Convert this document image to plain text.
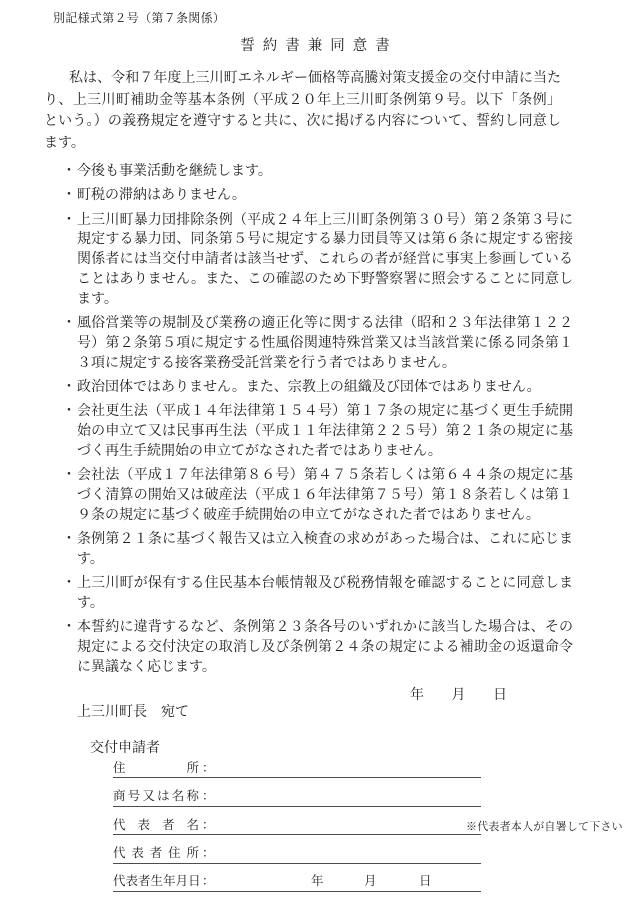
別記様式第２号（第７条関係）
誓約書兼同意書

私は、令和７年度上三川町エネルギー価格等高騰対策支援金の交付申請に当たり、上三川町補助金等基本条例（平成２０年上三川町条例第９号。以下「条例」という。）の義務規定を遵守すると共に、次に掲げる内容について、誓約し同意します。

・ 今後も事業活動を継続します。
・ 町税の滞納はありません。
・ 上三川町暴力団排除条例（平成２４年上三川町条例第３０号）第２条第３号に規定する暴力団、同条第５号に規定する暴力団員等又は第６条に規定する密接関係者には当交付申請者は該当せず、これらの者が経営に事実上参画していることはありません。また、この確認のため下野警察署に照会することに同意します。
・ 風俗営業等の規制及び業務の適正化等に関する法律（昭和２３年法律第１２２号）第２条第５項に規定する性風俗関連特殊営業又は当該営業に係る同条第１３項に規定する接客業務受託営業を行う者ではありません。
・ 政治団体ではありません。また、宗教上の組織及び団体ではありません。
・ 会社更生法（平成１４年法律第１５４号）第１７条の規定に基づく更生手続開始の申立て又は民事再生法（平成１１年法律第２２５号）第２１条の規定に基づく再生手続開始の申立てがなされた者ではありません。
・ 会社法（平成１７年法律第８６号）第４７５条若しくは第６４４条の規定に基づく清算の開始又は破産法（平成１６年法律第７５号）第１８条若しくは第１９条の規定に基づく破産手続開始の申立てがなされた者ではありません。
・ 条例第２１条に基づく報告又は立入検査の求めがあった場合は、これに応じます。
・ 上三川町が保有する住民基本台帳情報及び税務情報を確認することに同意します。
・ 本誓約に違背するなど、条例第２３条各号のいずれかに該当した場合は、その規定による交付決定の取消し及び条例第２４条の規定による補助金の返還命令に異議なく応じます。
年 月 日
上三川町長　宛て
交付申請者
住	所 ：
商 号 又 は 名 称 ：
代 表 者 名 ：
代 表 者 住 所 ：
代 表 者 生 年 月 日 ：	年	月	日
※代表者本人が自署して下さい
